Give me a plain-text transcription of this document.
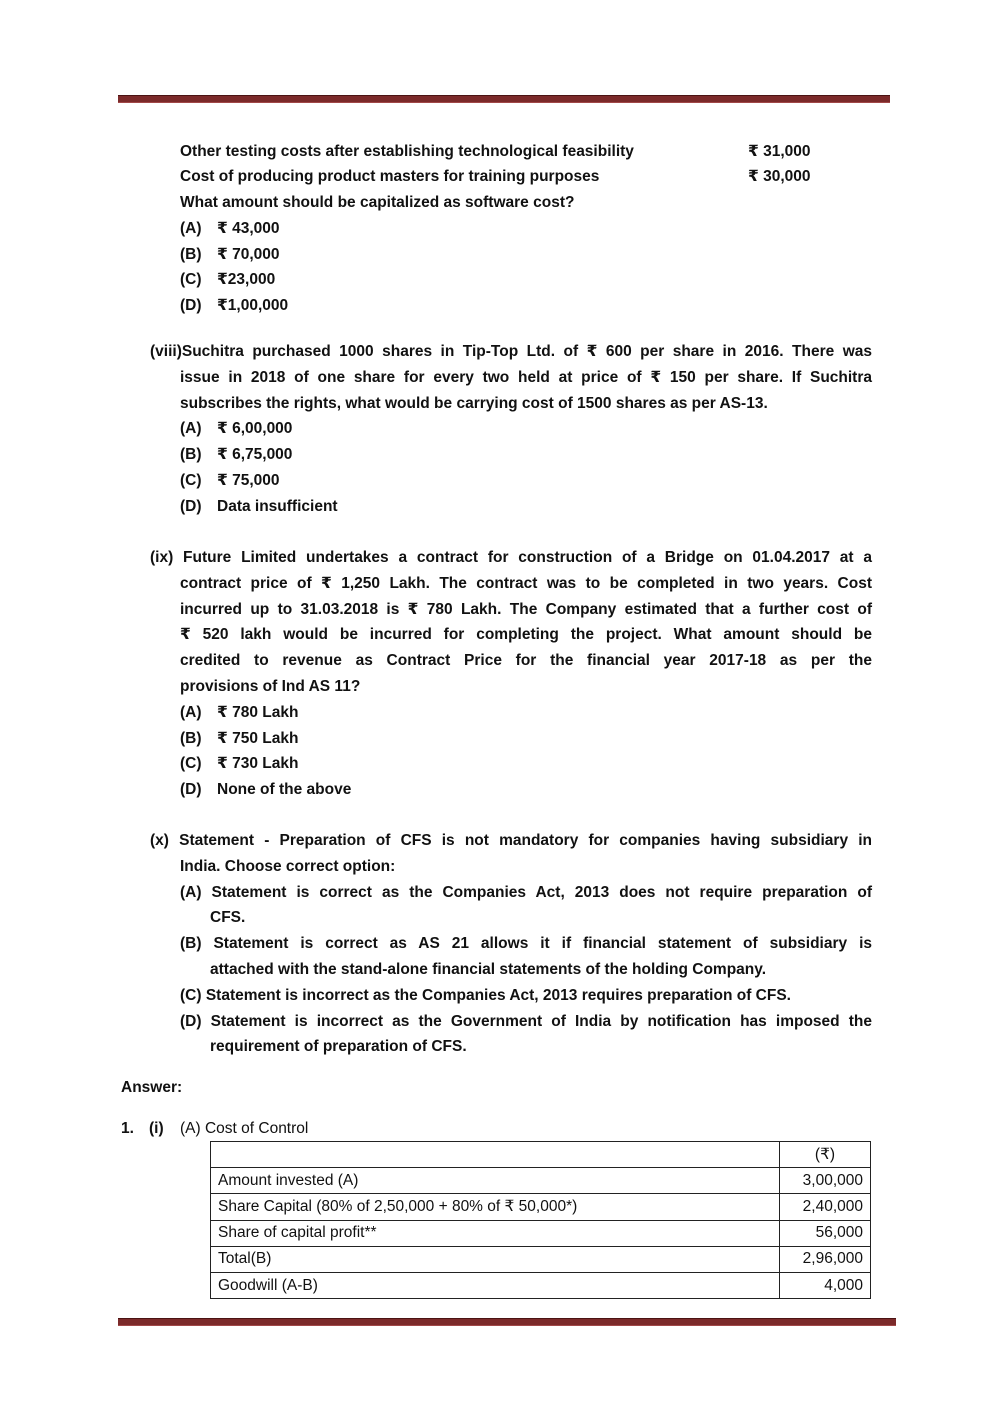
Other testing costs after establishing technological feasibility	₹ 31,000
Cost of producing product masters for training purposes	₹ 30,000
What amount should be capitalized as software cost?
(A) ₹ 43,000
(B) ₹ 70,000
(C) ₹23,000
(D) ₹1,00,000
(viii)Suchitra purchased 1000 shares in Tip-Top Ltd. of ₹ 600 per share in 2016. There was
issue in 2018 of one share for every two held at price of ₹ 150 per share. If Suchitra
subscribes the rights, what would be carrying cost of 1500 shares as per AS-13.
(A) ₹ 6,00,000
(B) ₹ 6,75,000
(C) ₹ 75,000
(D) Data insufficient
(ix) Future Limited undertakes a contract for construction of a Bridge on 01.04.2017 at a
contract price of ₹ 1,250 Lakh. The contract was to be completed in two years. Cost
incurred up to 31.03.2018 is ₹ 780 Lakh. The Company estimated that a further cost of
₹ 520 lakh would be incurred for completing the project. What amount should be
credited to revenue as Contract Price for the financial year 2017-18 as per the
provisions of Ind AS 11?
(A) ₹ 780 Lakh
(B) ₹ 750 Lakh
(C) ₹ 730 Lakh
(D) None of the above
(x) Statement - Preparation of CFS is not mandatory for companies having subsidiary in
India. Choose correct option:
(A) Statement is correct as the Companies Act, 2013 does not require preparation of
CFS.
(B) Statement is correct as AS 21 allows it if financial statement of subsidiary is
attached with the stand-alone financial statements of the holding Company.
(C) Statement is incorrect as the Companies Act, 2013 requires preparation of CFS.
(D) Statement is incorrect as the Government of India by notification has imposed the
requirement of preparation of CFS.
Answer:
1. (i) (A) Cost of Control
	(₹)
Amount invested (A)	3,00,000
Share Capital (80% of 2,50,000 + 80% of ₹ 50,000*)	2,40,000
Share of capital profit**	56,000
Total(B)	2,96,000
Goodwill (A-B)	4,000
